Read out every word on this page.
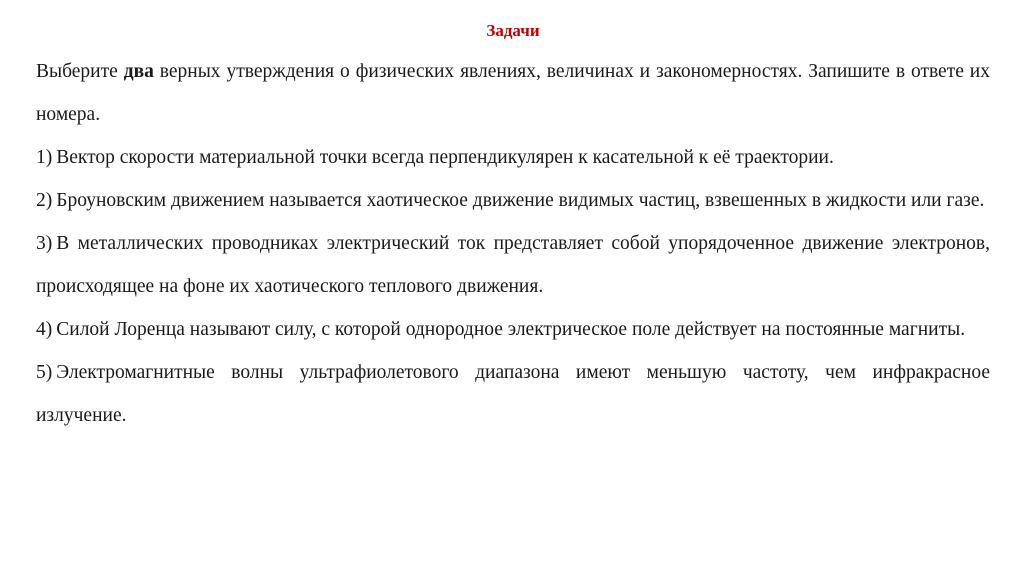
Задачи

Выберите два верных утверждения о физических явлениях, величинах и закономерностях. Запишите в ответе их номера.

1) Вектор скорости материальной точки всегда перпендикулярен к касательной к её траектории.

2) Броуновским движением называется хаотическое движение видимых частиц, взвешенных в жидкости или газе.

3) В металлических проводниках электрический ток представляет собой упорядоченное движение электронов, происходящее на фоне их хаотического теплового движения.

4) Силой Лоренца называют силу, с которой однородное электрическое поле действует на постоянные магниты.

5) Электромагнитные волны ультрафиолетового диапазона имеют меньшую частоту, чем инфракрасное излучение.
